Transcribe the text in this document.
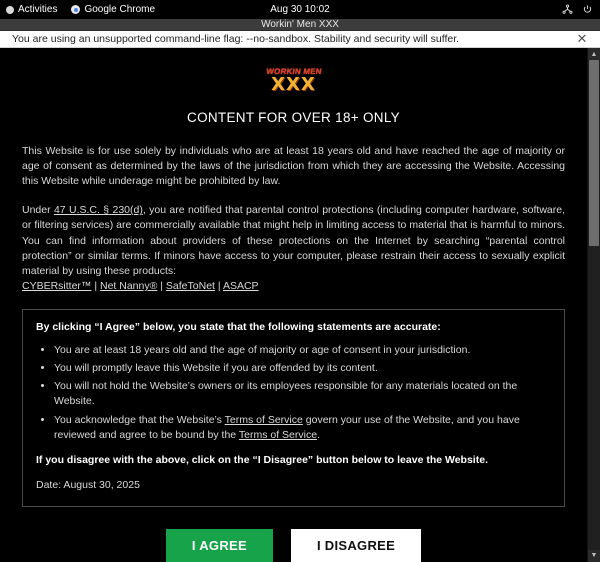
Activities	Google Chrome	Aug 30 10:02
Workin' Men XXX
You are using an unsupported command-line flag: --no-sandbox. Stability and security will suffer.	✕
WORKIN MEN
XXX
CONTENT FOR OVER 18+ ONLY

This Website is for use solely by individuals who are at least 18 years old and have reached the age of majority or age of consent as determined by the laws of the jurisdiction from which they are accessing the Website. Accessing this Website while underage might be prohibited by law.

Under 47 U.S.C. § 230(d), you are notified that parental control protections (including computer hardware, software, or filtering services) are commercially available that might help in limiting access to material that is harmful to minors. You can find information about providers of these protections on the Internet by searching “parental control protection” or similar terms. If minors have access to your computer, please restrain their access to sexually explicit material by using these products:
CYBERsitter™ | Net Nanny® | SafeToNet | ASACP

By clicking “I Agree” below, you state that the following statements are accurate:

• You are at least 18 years old and the age of majority or age of consent in your jurisdiction.
• You will promptly leave this Website if you are offended by its content.
• You will not hold the Website’s owners or its employees responsible for any materials located on the Website.
• You acknowledge that the Website’s Terms of Service govern your use of the Website, and you have reviewed and agree to be bound by the Terms of Service.

If you disagree with the above, click on the “I Disagree” button below to leave the Website.

Date: August 30, 2025

I AGREE	I DISAGREE
▲
▼
